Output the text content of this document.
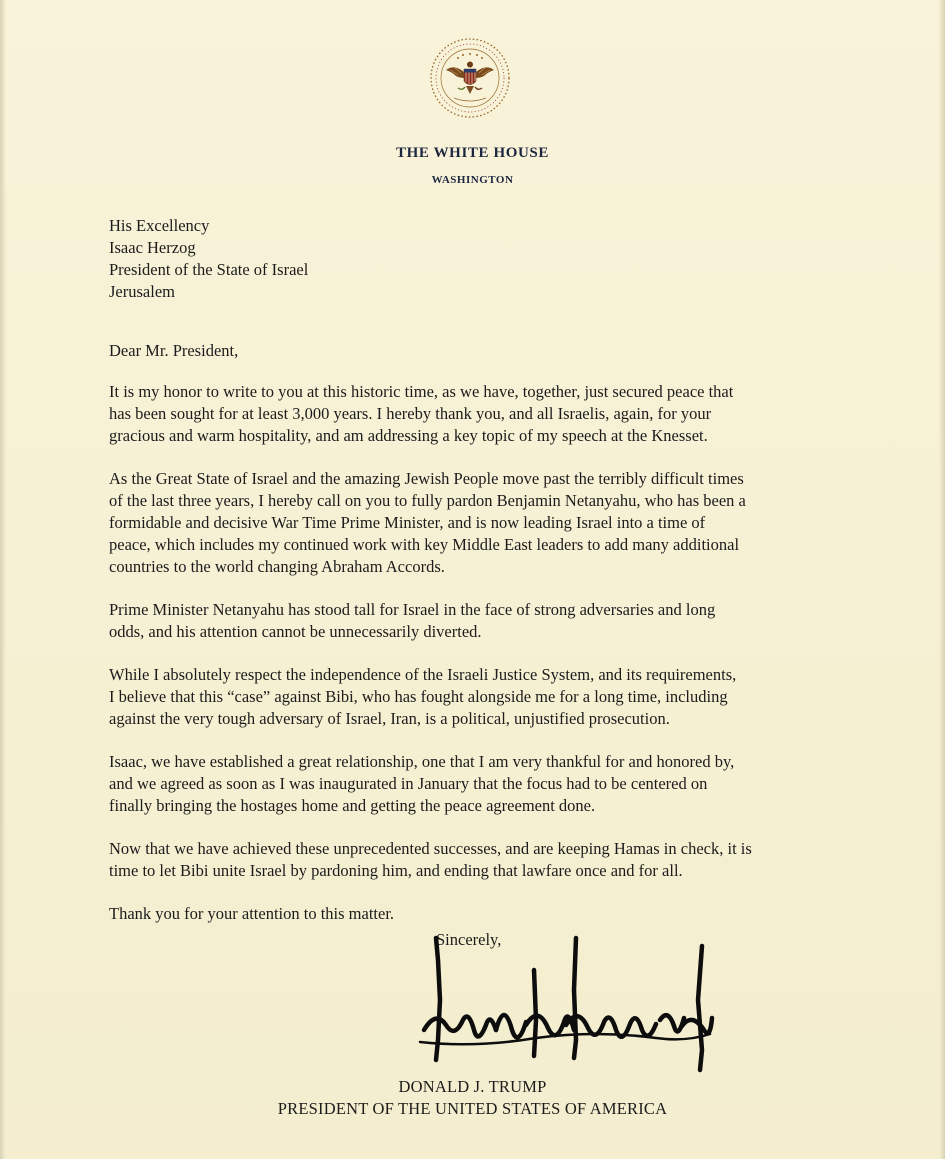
THE WHITE HOUSE
WASHINGTON
His Excellency
Isaac Herzog
President of the State of Israel
Jerusalem
Dear Mr. President,
It is my honor to write to you at this historic time, as we have, together, just secured peace that
has been sought for at least 3,000 years. I hereby thank you, and all Israelis, again, for your
gracious and warm hospitality, and am addressing a key topic of my speech at the Knesset.
As the Great State of Israel and the amazing Jewish People move past the terribly difficult times
of the last three years, I hereby call on you to fully pardon Benjamin Netanyahu, who has been a
formidable and decisive War Time Prime Minister, and is now leading Israel into a time of
peace, which includes my continued work with key Middle East leaders to add many additional
countries to the world changing Abraham Accords.
Prime Minister Netanyahu has stood tall for Israel in the face of strong adversaries and long
odds, and his attention cannot be unnecessarily diverted.
While I absolutely respect the independence of the Israeli Justice System, and its requirements,
I believe that this “case” against Bibi, who has fought alongside me for a long time, including
against the very tough adversary of Israel, Iran, is a political, unjustified prosecution.
Isaac, we have established a great relationship, one that I am very thankful for and honored by,
and we agreed as soon as I was inaugurated in January that the focus had to be centered on
finally bringing the hostages home and getting the peace agreement done.
Now that we have achieved these unprecedented successes, and are keeping Hamas in check, it is
time to let Bibi unite Israel by pardoning him, and ending that lawfare once and for all.
Thank you for your attention to this matter.
Sincerely,
DONALD J. TRUMP
PRESIDENT OF THE UNITED STATES OF AMERICA
